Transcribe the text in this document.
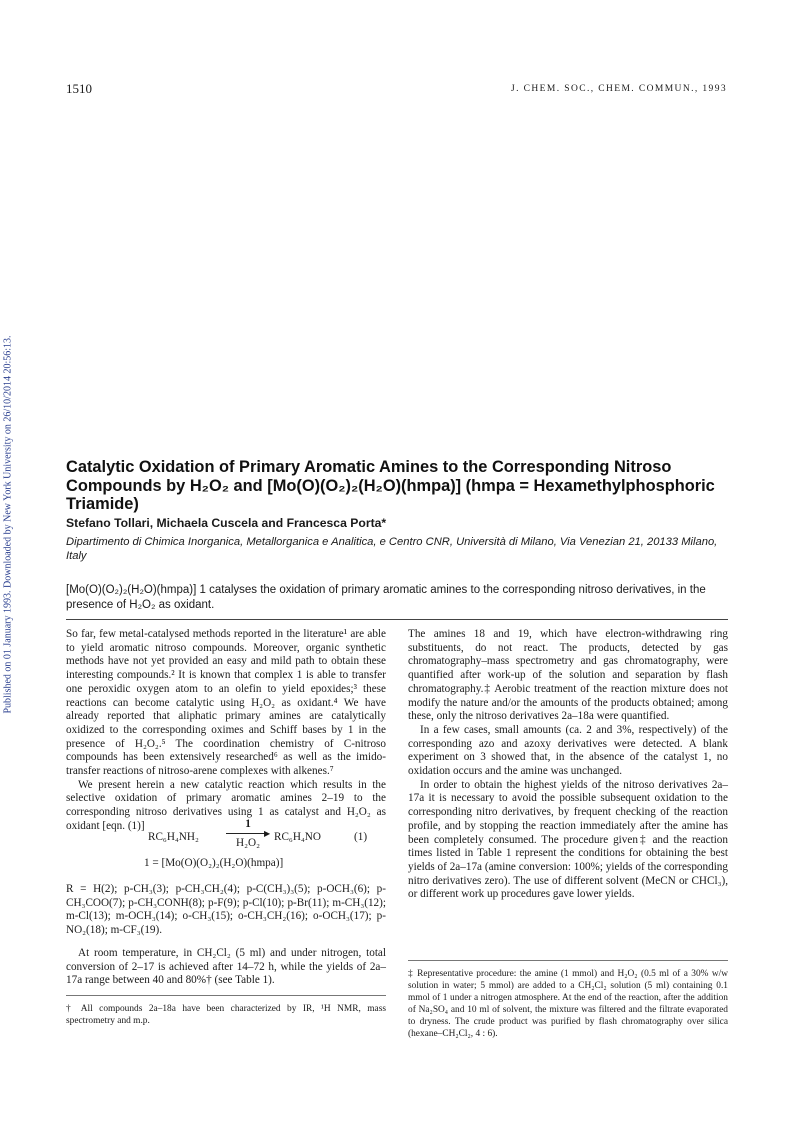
Published on 01 January 1993. Downloaded by New York University on 26/10/2014 20:56:13.
1510	J. CHEM. SOC., CHEM. COMMUN., 1993
Catalytic Oxidation of Primary Aromatic Amines to the Corresponding Nitroso Compounds by H₂O₂ and [Mo(O)(O₂)₂(H₂O)(hmpa)] (hmpa = Hexamethylphosphoric Triamide)
Stefano Tollari, Michaela Cuscela and Francesca Porta*
Dipartimento di Chimica Inorganica, Metallorganica e Analitica, e Centro CNR, Università di Milano, Via Venezian 21, 20133 Milano, Italy
[Mo(O)(O₂)₂(H₂O)(hmpa)] 1 catalyses the oxidation of primary aromatic amines to the corresponding nitroso derivatives, in the presence of H₂O₂ as oxidant.

So far, few metal-catalysed methods reported in the literature¹ are able to yield aromatic nitroso compounds. Moreover, organic synthetic methods have not yet provided an easy and mild path to obtain these interesting compounds.² It is known that complex 1 is able to transfer one peroxidic oxygen atom to an olefin to yield epoxides;³ these reactions can become catalytic using H₂O₂ as oxidant.⁴ We have already reported that aliphatic primary amines are catalytically oxidized to the corresponding oximes and Schiff bases by 1 in the presence of H₂O₂.⁵ The coordination chemistry of C-nitroso compounds has been extensively researched⁶ as well as the imido-transfer reactions of nitroso-arene complexes with alkenes.⁷

We present herein a new catalytic reaction which results in the selective oxidation of primary aromatic amines 2–19 to the corresponding nitroso derivatives using 1 as catalyst and H₂O₂ as oxidant [eqn. (1)]

RC₆H₄NH₂
1
▶
H₂O₂	RC₆H₄NO	(1)
1 = [Mo(O)(O₂)₂(H₂O)(hmpa)]

R = H(2); p-CH₃(3); p-CH₃CH₂(4); p-C(CH₃)₃(5); p-OCH₃(6); p-CH₃COO(7); p-CH₃CONH(8); p-F(9); p-Cl(10); p-Br(11); m-CH₃(12); m-Cl(13); m-OCH₃(14); o-CH₃(15); o-CH₃CH₂(16); o-OCH₃(17); p-NO₂(18); m-CF₃(19).

At room temperature, in CH₂Cl₂ (5 ml) and under nitrogen, total conversion of 2–17 is achieved after 14–72 h, while the yields of 2a–17a range between 40 and 80%† (see Table 1).

† All compounds 2a–18a have been characterized by IR, ¹H NMR, mass spectrometry and m.p.

The amines 18 and 19, which have electron-withdrawing ring substituents, do not react. The products, detected by gas chromatography–mass spectrometry and gas chromatography, were quantified after work-up of the solution and separation by flash chromatography.‡ Aerobic treatment of the reaction mixture does not modify the nature and/or the amounts of the products obtained; among these, only the nitroso derivatives 2a–18a were quantified.

In a few cases, small amounts (ca. 2 and 3%, respectively) of the corresponding azo and azoxy derivatives were detected. A blank experiment on 3 showed that, in the absence of the catalyst 1, no oxidation occurs and the amine was unchanged.

In order to obtain the highest yields of the nitroso derivatives 2a–17a it is necessary to avoid the possible subsequent oxidation to the corresponding nitro derivatives, by frequent checking of the reaction profile, and by stopping the reaction immediately after the amine has been completely consumed. The procedure given‡ and the reaction times listed in Table 1 represent the conditions for obtaining the best yields of 2a–17a (amine conversion: 100%; yields of the corresponding nitro derivatives zero). The use of different solvent (MeCN or CHCl₃), or different work up procedures gave lower yields.

‡ Representative procedure: the amine (1 mmol) and H₂O₂ (0.5 ml of a 30% w/w solution in water; 5 mmol) are added to a CH₂Cl₂ solution (5 ml) containing 0.1 mmol of 1 under a nitrogen atmosphere. At the end of the reaction, after the addition of Na₂SO₄ and 10 ml of solvent, the mixture was filtered and the filtrate evaporated to dryness. The crude product was purified by flash chromatography over silica (hexane–CH₂Cl₂, 4 : 6).
